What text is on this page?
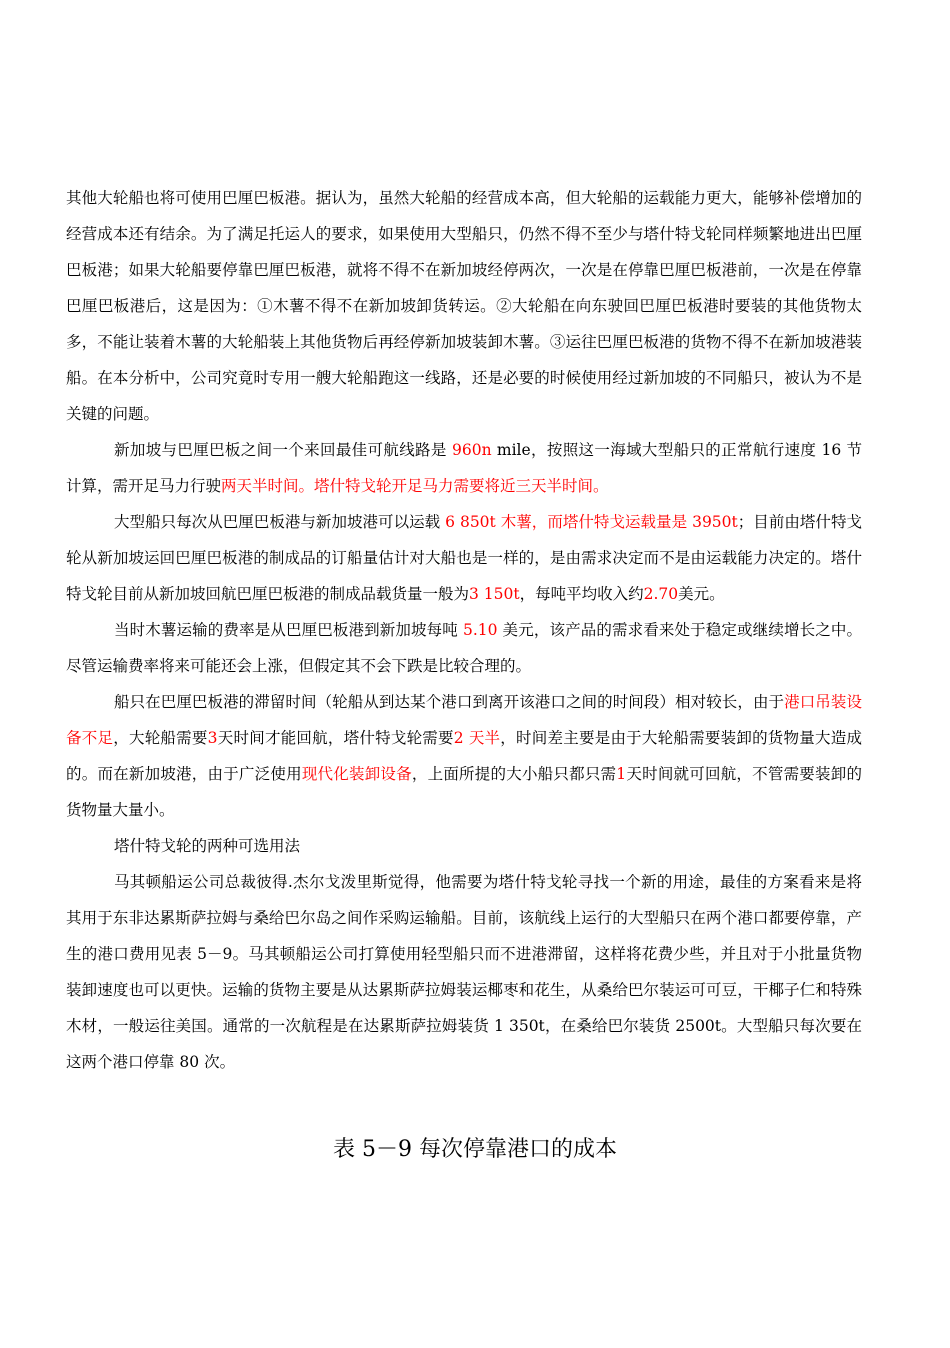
其他大轮船也将可使用巴厘巴板港。据认为，虽然大轮船的经营成本高，但大轮船的运载能力更大，能够补偿增加的经营成本还有结余。为了满足托运人的要求，如果使用大型船只，仍然不得不至少与塔什特戈轮同样频繁地进出巴厘巴板港；如果大轮船要停靠巴厘巴板港，就将不得不在新加坡经停两次，一次是在停靠巴厘巴板港前，一次是在停靠巴厘巴板港后，这是因为：①木薯不得不在新加坡卸货转运。②大轮船在向东驶回巴厘巴板港时要装的其他货物太多，不能让装着木薯的大轮船装上其他货物后再经停新加坡装卸木薯。③运往巴厘巴板港的货物不得不在新加坡港装船。在本分析中，公司究竟时专用一艘大轮船跑这一线路，还是必要的时候使用经过新加坡的不同船只，被认为不是关键的问题。

新加坡与巴厘巴板之间一个来回最佳可航线路是 960n mile，按照这一海域大型船只的正常航行速度 16 节计算，需开足马力行驶两天半时间。塔什特戈轮开足马力需要将近三天半时间。

大型船只每次从巴厘巴板港与新加坡港可以运载 6 850t 木薯，而塔什特戈运载量是 3950t；目前由塔什特戈轮从新加坡运回巴厘巴板港的制成品的订船量估计对大船也是一样的，是由需求决定而不是由运载能力决定的。塔什特戈轮目前从新加坡回航巴厘巴板港的制成品载货量一般为3 150t，每吨平均收入约2.70美元。

当时木薯运输的费率是从巴厘巴板港到新加坡每吨 5.10 美元，该产品的需求看来处于稳定或继续增长之中。尽管运输费率将来可能还会上涨，但假定其不会下跌是比较合理的。

船只在巴厘巴板港的滞留时间（轮船从到达某个港口到离开该港口之间的时间段）相对较长，由于港口吊装设备不足，大轮船需要3天时间才能回航，塔什特戈轮需要2 天半，时间差主要是由于大轮船需要装卸的货物量大造成的。而在新加坡港，由于广泛使用现代化装卸设备，上面所提的大小船只都只需1天时间就可回航，不管需要装卸的货物量大量小。

塔什特戈轮的两种可选用法

马其顿船运公司总裁彼得.杰尔戈泼里斯觉得，他需要为塔什特戈轮寻找一个新的用途，最佳的方案看来是将其用于东非达累斯萨拉姆与桑给巴尔岛之间作采购运输船。目前，该航线上运行的大型船只在两个港口都要停靠，产生的港口费用见表 5－9。马其顿船运公司打算使用轻型船只而不进港滞留，这样将花费少些，并且对于小批量货物装卸速度也可以更快。运输的货物主要是从达累斯萨拉姆装运椰枣和花生，从桑给巴尔装运可可豆，干椰子仁和特殊木材，一般运往美国。通常的一次航程是在达累斯萨拉姆装货 1 350t，在桑给巴尔装货 2500t。大型船只每次要在这两个港口停靠 80 次。

表 5－9 每次停靠港口的成本
